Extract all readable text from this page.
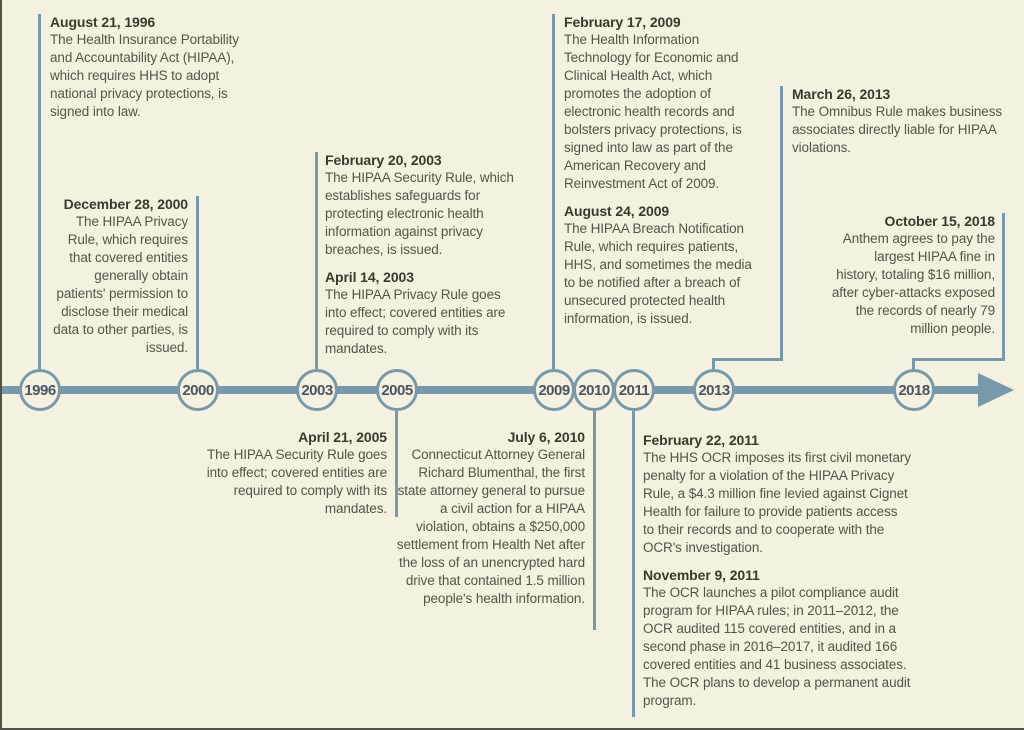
1996	2000	2003	2005	2009 2010 2011	2013	2018
August 21, 1996
The Health Insurance Portability and Accountability Act (HIPAA), which requires HHS to adopt national privacy protections, is signed into law.
December 28, 2000
The HIPAA Privacy Rule, which requires that covered entities generally obtain patients' permission to disclose their medical data to other parties, is issued.
February 20, 2003
The HIPAA Security Rule, which establishes safeguards for protecting electronic health information against privacy breaches, is issued.
April 14, 2003
The HIPAA Privacy Rule goes into effect; covered entities are required to comply with its mandates.
February 17, 2009
The Health Information Technology for Economic and Clinical Health Act, which promotes the adoption of electronic health records and bolsters privacy protections, is signed into law as part of the American Recovery and Reinvestment Act of 2009.
August 24, 2009
The HIPAA Breach Notification Rule, which requires patients, HHS, and sometimes the media to be notified after a breach of unsecured protected health information, is issued.
March 26, 2013
The Omnibus Rule makes business associates directly liable for HIPAA violations.
October 15, 2018
Anthem agrees to pay the largest HIPAA fine in history, totaling $16 million, after cyber-attacks exposed the records of nearly 79 million people.
April 21, 2005
The HIPAA Security Rule goes into effect; covered entities are required to comply with its mandates.
July 6, 2010
Connecticut Attorney General Richard Blumenthal, the first state attorney general to pursue a civil action for a HIPAA violation, obtains a $250,000 settlement from Health Net after the loss of an unencrypted hard drive that contained 1.5 million people's health information.
February 22, 2011
The HHS OCR imposes its first civil monetary penalty for a violation of the HIPAA Privacy Rule, a $4.3 million fine levied against Cignet Health for failure to provide patients access to their records and to cooperate with the OCR's investigation.
November 9, 2011
The OCR launches a pilot compliance audit program for HIPAA rules; in 2011–2012, the OCR audited 115 covered entities, and in a second phase in 2016–2017, it audited 166 covered entities and 41 business associates. The OCR plans to develop a permanent audit program.
